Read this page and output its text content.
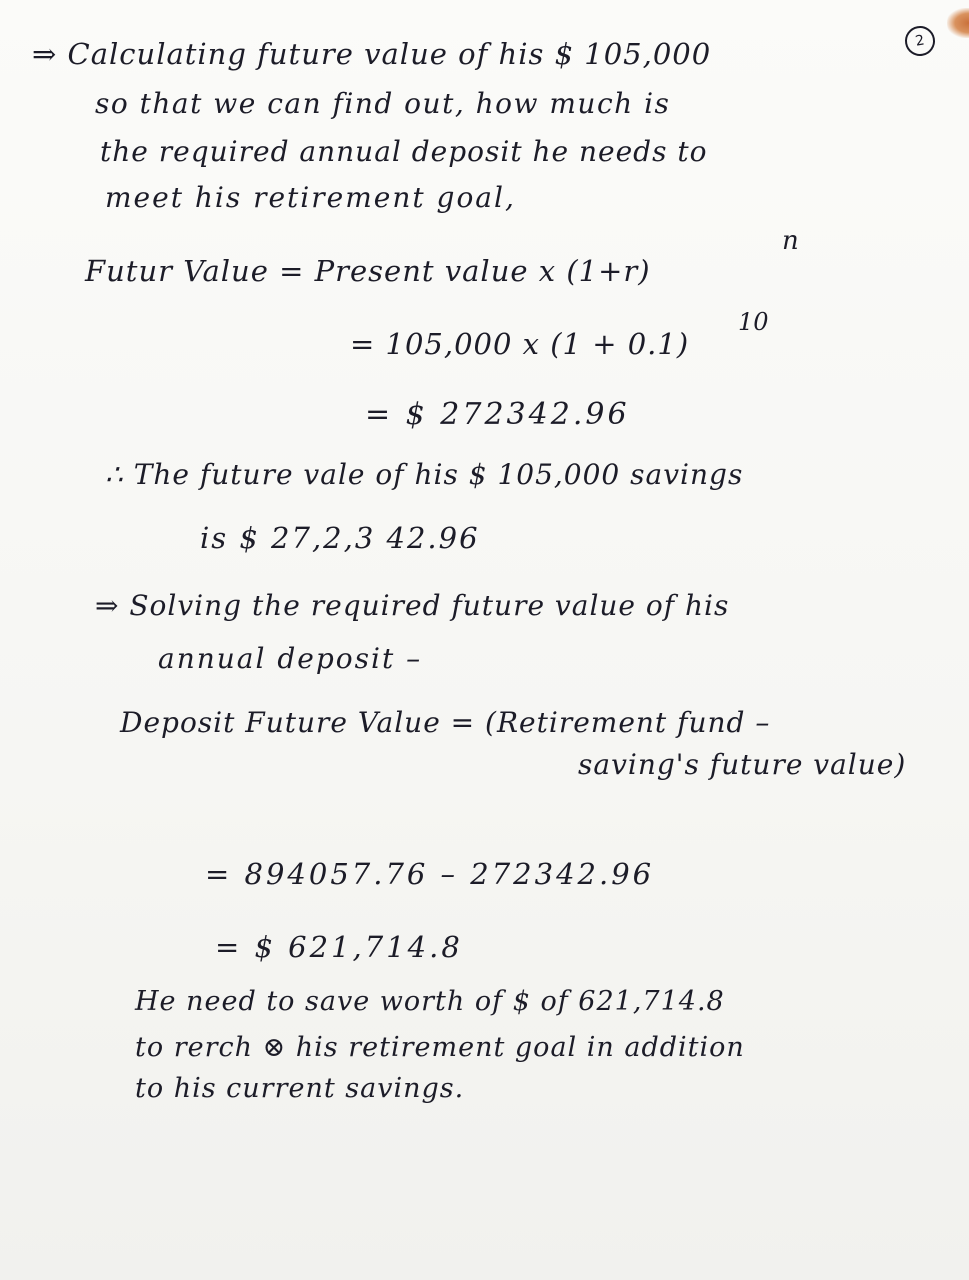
2
⇒ Calculating future value of his $ 105,000
so that we can find out, how much is
the required annual deposit he needs to
meet his retirement goal,
Futur Value = Present value x (1+r)
n
= 105,000 x (1 + 0.1)
10
= $ 272342.96
∴ The future vale of his $ 105,000 savings
is $ 27,2,3 42.96
⇒ Solving the required future value of his
annual deposit –
Deposit Future Value = (Retirement fund –
saving's future value)
= 894057.76 – 272342.96
= $ 621,714.8
He need to save worth of $ of 621,714.8
to rerch ⊗ his retirement goal in addition
to his current savings.
